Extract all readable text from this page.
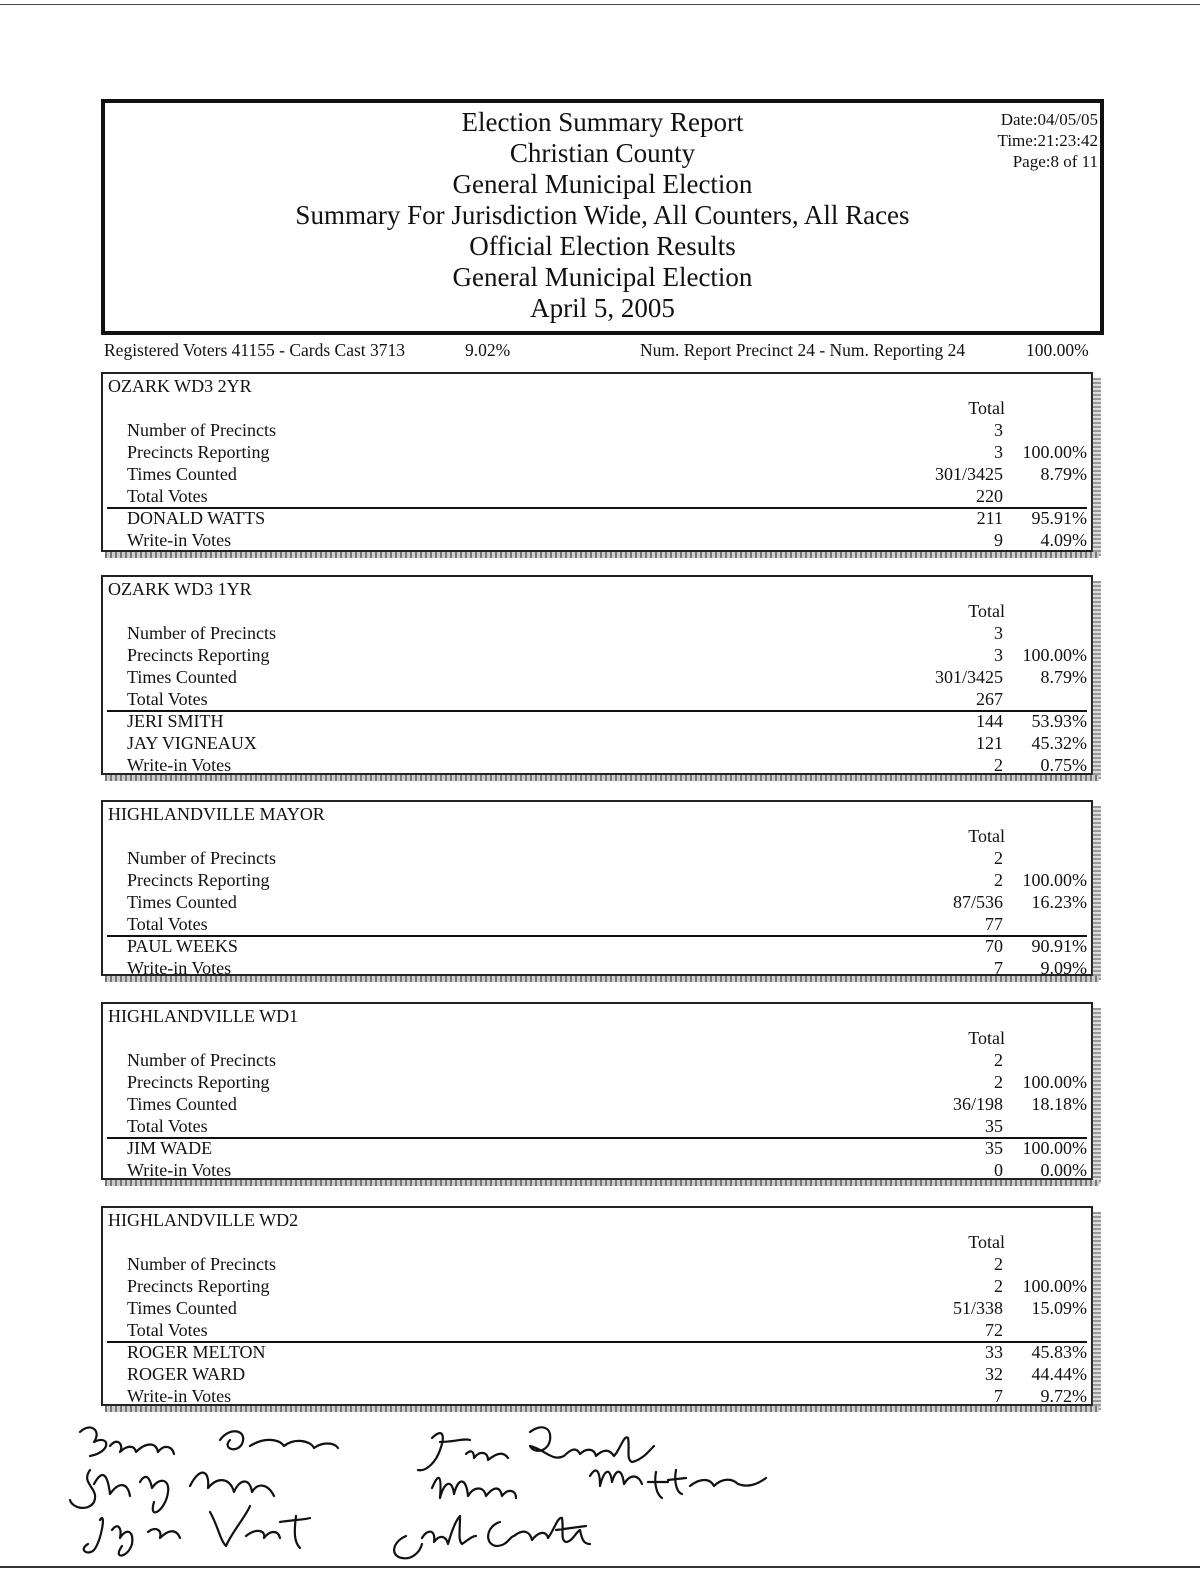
Election Summary Report
Christian County
General Municipal Election
Summary For Jurisdiction Wide, All Counters, All Races
Official Election Results
General Municipal Election
April 5, 2005
Date:04/05/05
Time:21:23:42
Page:8 of 11
Registered Voters 41155 - Cards Cast 3713	9.02%	Num. Report Precinct 24 - Num. Reporting 24	100.00%
OZARK WD3 2YR
Total
Number of Precincts	3
Precincts Reporting	3 100.00%
Times Counted	301/3425 8.79%
Total Votes	220
DONALD WATTS	211 95.91%
Write-in Votes	9 4.09%
OZARK WD3 1YR
Total
Number of Precincts	3
Precincts Reporting	3 100.00%
Times Counted	301/3425 8.79%
Total Votes	267
JERI SMITH	144 53.93%
JAY VIGNEAUX	121 45.32%
Write-in Votes	2 0.75%
HIGHLANDVILLE MAYOR
Total
Number of Precincts	2
Precincts Reporting	2 100.00%
Times Counted	87/536 16.23%
Total Votes	77
PAUL WEEKS	70 90.91%
Write-in Votes	7 9.09%
HIGHLANDVILLE WD1
Total
Number of Precincts	2
Precincts Reporting	2 100.00%
Times Counted	36/198 18.18%
Total Votes	35
JIM WADE	35 100.00%
Write-in Votes	0 0.00%
HIGHLANDVILLE WD2
Total
Number of Precincts	2
Precincts Reporting	2 100.00%
Times Counted	51/338 15.09%
Total Votes	72
ROGER MELTON	33 45.83%
ROGER WARD	32 44.44%
Write-in Votes	7 9.72%
